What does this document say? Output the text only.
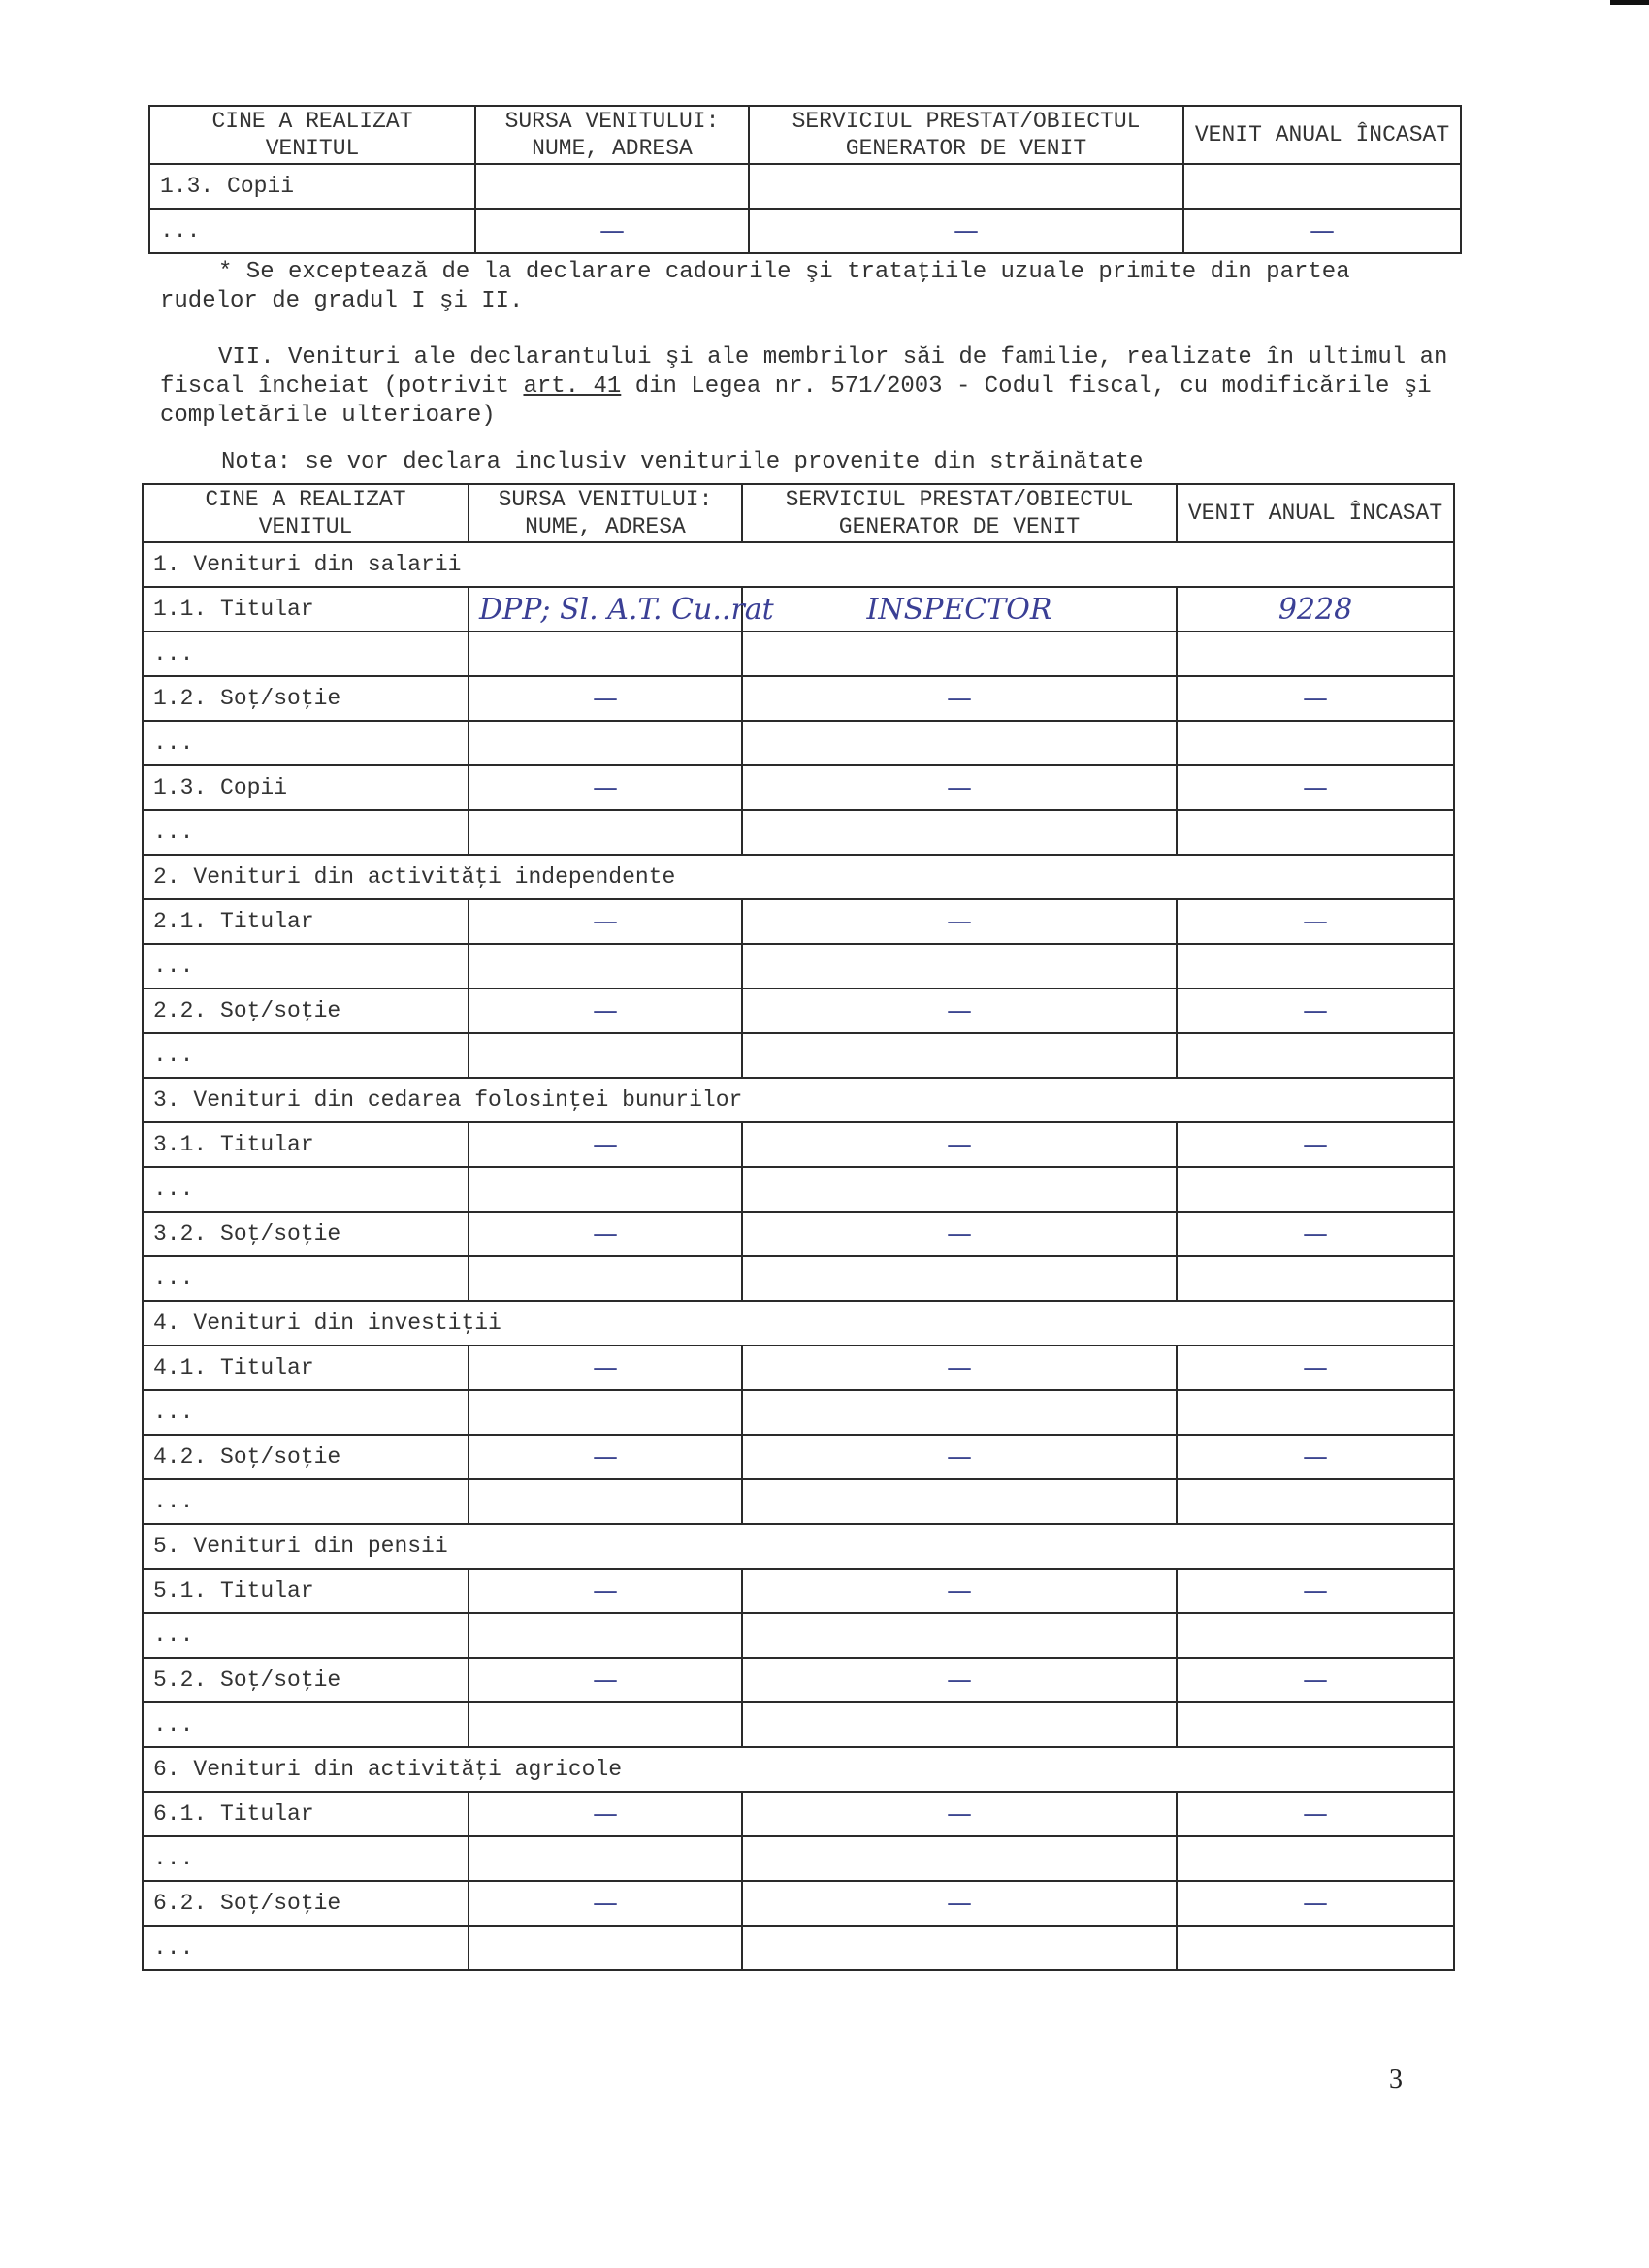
CINE A REALIZAT VENITUL	SURSA VENITULUI: NUME, ADRESA	SERVICIUL PRESTAT/OBIECTUL GENERATOR DE VENIT	VENIT ANUAL ÎNCASAT
1.3. Copii			
...	—	—	—
* Se exceptează de la declarare cadourile şi trataţiile uzuale primite din partea rudelor de gradul I şi II.
VII. Venituri ale declarantului şi ale membrilor săi de familie, realizate în ultimul an fiscal încheiat (potrivit art. 41 din Legea nr. 571/2003 - Codul fiscal, cu modificările şi completările ulterioare)
Nota: se vor declara inclusiv veniturile provenite din străinătate
CINE A REALIZAT VENITUL	SURSA VENITULUI: NUME, ADRESA	SERVICIUL PRESTAT/OBIECTUL GENERATOR DE VENIT	VENIT ANUAL ÎNCASAT
1. Venituri din salarii			
1.1. Titular	DPP; Sl. A.T. Cu..rat	INSPECTOR	9228
...			
1.2. Soţ/soţie	—	—	—
...			
1.3. Copii	—	—	—
...			
2. Venituri din activităţi independente			
2.1. Titular	—	—	—
...			
2.2. Soţ/soţie	—	—	—
...			
3. Venituri din cedarea folosinţei bunurilor			
3.1. Titular	—	—	—
...			
3.2. Soţ/soţie	—	—	—
...			
4. Venituri din investiţii			
4.1. Titular	—	—	—
...			
4.2. Soţ/soţie	—	—	—
...			
5. Venituri din pensii			
5.1. Titular	—	—	—
...			
5.2. Soţ/soţie	—	—	—
...			
6. Venituri din activităţi agricole			
6.1. Titular	—	—	—
...			
6.2. Soţ/soţie	—	—	—
...			
3
